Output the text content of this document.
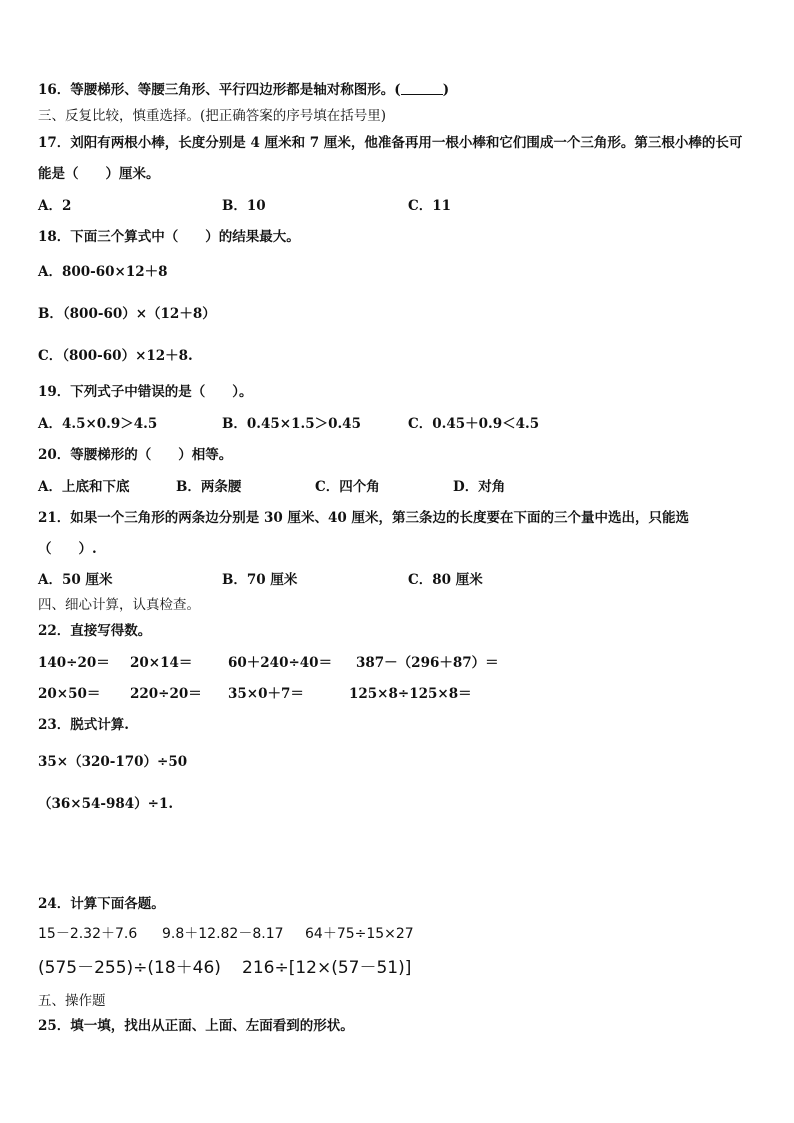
16．等腰梯形、等腰三角形、平行四边形都是轴对称图形。(	)
三、反复比较，慎重选择。(把正确答案的序号填在括号里)
17．刘阳有两根小棒，长度分别是 4 厘米和 7 厘米，他准备再用一根小棒和它们围成一个三角形。第三根小棒的长可
能是（　　）厘米。
A．2	B．10	C．11
18．下面三个算式中（　　）的结果最大。
A．800-60×12＋8
B．（800-60）×（12＋8）
C．（800-60）×12＋8.
19．下列式子中错误的是（　　）。
A．4.5×0.9＞4.5	B．0.45×1.5＞0.45	C．0.45＋0.9＜4.5
20．等腰梯形的（　　）相等。
A．上底和下底	B．两条腰	C．四个角	D．对角
21．如果一个三角形的两条边分别是 30 厘米、40 厘米，第三条边的长度要在下面的三个量中选出，只能选
（　　）.
A．50 厘米	B．70 厘米	C．80 厘米
四、细心计算，认真检查。
22．直接写得数。
140÷20＝ 20×14＝	60＋240÷40＝ 387－（296＋87）＝
20×50＝ 220÷20＝ 35×0＋7＝	125×8÷125×8＝
23．脱式计算.
35×（320-170）÷50
（36×54-984）÷1.
24．计算下面各题。
15－2.32＋7.6 9.8＋12.82－8.17 64＋75÷15×27
(575－255)÷(18＋46) 216÷[12×(57－51)]
五、操作题
25．填一填，找出从正面、上面、左面看到的形状。
